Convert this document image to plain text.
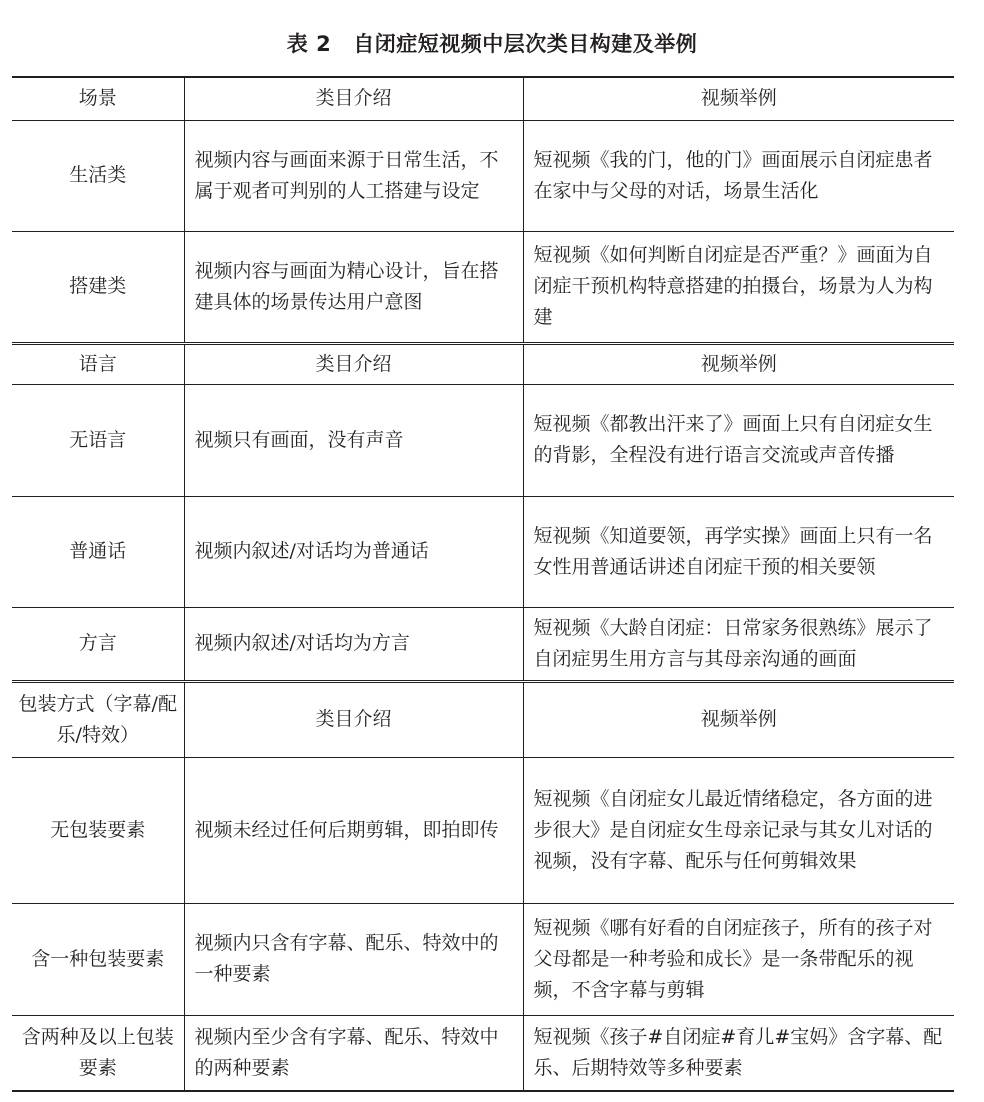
表 2 自闭症短视频中层次类目构建及举例
场景	类目介绍	视频举例
生活类	视频内容与画面来源于日常生活，不属于观者可判别的人工搭建与设定	短视频《我的门，他的门》画面展示自闭症患者在家中与父母的对话，场景生活化
搭建类	视频内容与画面为精心设计，旨在搭建具体的场景传达用户意图	短视频《如何判断自闭症是否严重？》画面为自闭症干预机构特意搭建的拍摄台，场景为人为构建
语言	类目介绍	视频举例
无语言	视频只有画面，没有声音	短视频《都教出汗来了》画面上只有自闭症女生的背影，全程没有进行语言交流或声音传播
普通话	视频内叙述/对话均为普通话	短视频《知道要领，再学实操》画面上只有一名女性用普通话讲述自闭症干预的相关要领
方言	视频内叙述/对话均为方言	短视频《大龄自闭症：日常家务很熟练》展示了自闭症男生用方言与其母亲沟通的画面
包装方式（字幕/配乐/特效）	类目介绍	视频举例
无包装要素	视频未经过任何后期剪辑，即拍即传	短视频《自闭症女儿最近情绪稳定，各方面的进步很大》是自闭症女生母亲记录与其女儿对话的视频，没有字幕、配乐与任何剪辑效果
含一种包装要素	视频内只含有字幕、配乐、特效中的一种要素	短视频《哪有好看的自闭症孩子，所有的孩子对父母都是一种考验和成长》是一条带配乐的视频，不含字幕与剪辑
含两种及以上包装要素	视频内至少含有字幕、配乐、特效中的两种要素	短视频《孩子#自闭症#育儿#宝妈》含字幕、配乐、后期特效等多种要素
